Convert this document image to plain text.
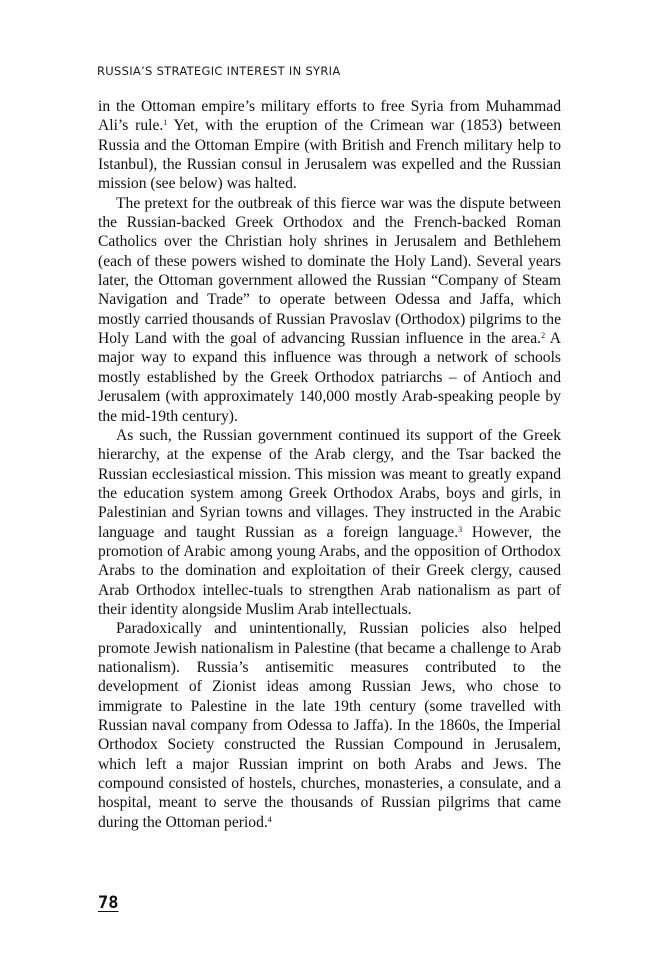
RUSSIA’S STRATEGIC INTEREST IN SYRIA

in the Ottoman empire’s military efforts to free Syria from Muhammad Ali’s rule.$^1$ Yet, with the eruption of the Crimean war (1853) between Russia and the Ottoman Empire (with British and French military help to Istanbul), the Russian consul in Jerusalem was expelled and the Russian mission (see below) was halted.

The pretext for the outbreak of this fierce war was the dispute between the Russian-backed Greek Orthodox and the French-backed Roman Catholics over the Christian holy shrines in Jerusalem and Bethlehem (each of these powers wished to dominate the Holy Land). Several years later, the Ottoman government allowed the Russian “Company of Steam Navigation and Trade” to operate between Odessa and Jaffa, which mostly carried thousands of Russian Pravoslav (Orthodox) pilgrims to the Holy Land with the goal of advancing Russian influence in the area.$^2$ A major way to expand this influence was through a network of schools mostly established by the Greek Orthodox patriarchs – of Antioch and Jerusalem (with approximately 140,000 mostly Arab-speaking people by the mid-19th century).

As such, the Russian government continued its support of the Greek hierarchy, at the expense of the Arab clergy, and the Tsar backed the Russian ecclesiastical mission. This mission was meant to greatly expand the education system among Greek Orthodox Arabs, boys and girls, in Palestinian and Syrian towns and villages. They instructed in the Arabic language and taught Russian as a foreign language.$^3$ However, the promotion of Arabic among young Arabs, and the opposition of Orthodox Arabs to the domination and exploitation of their Greek clergy, caused Arab Orthodox intellec-tuals to strengthen Arab nationalism as part of their identity alongside Muslim Arab intellectuals.

Paradoxically and unintentionally, Russian policies also helped promote Jewish nationalism in Palestine (that became a challenge to Arab nationalism). Russia’s antisemitic measures contributed to the development of Zionist ideas among Russian Jews, who chose to immigrate to Palestine in the late 19th century (some travelled with Russian naval company from Odessa to Jaffa). In the 1860s, the Imperial Orthodox Society constructed the Russian Compound in Jerusalem, which left a major Russian imprint on both Arabs and Jews. The compound consisted of hostels, churches, monasteries, a consulate, and a hospital, meant to serve the thousands of Russian pilgrims that came during the Ottoman period.$^4$

78
